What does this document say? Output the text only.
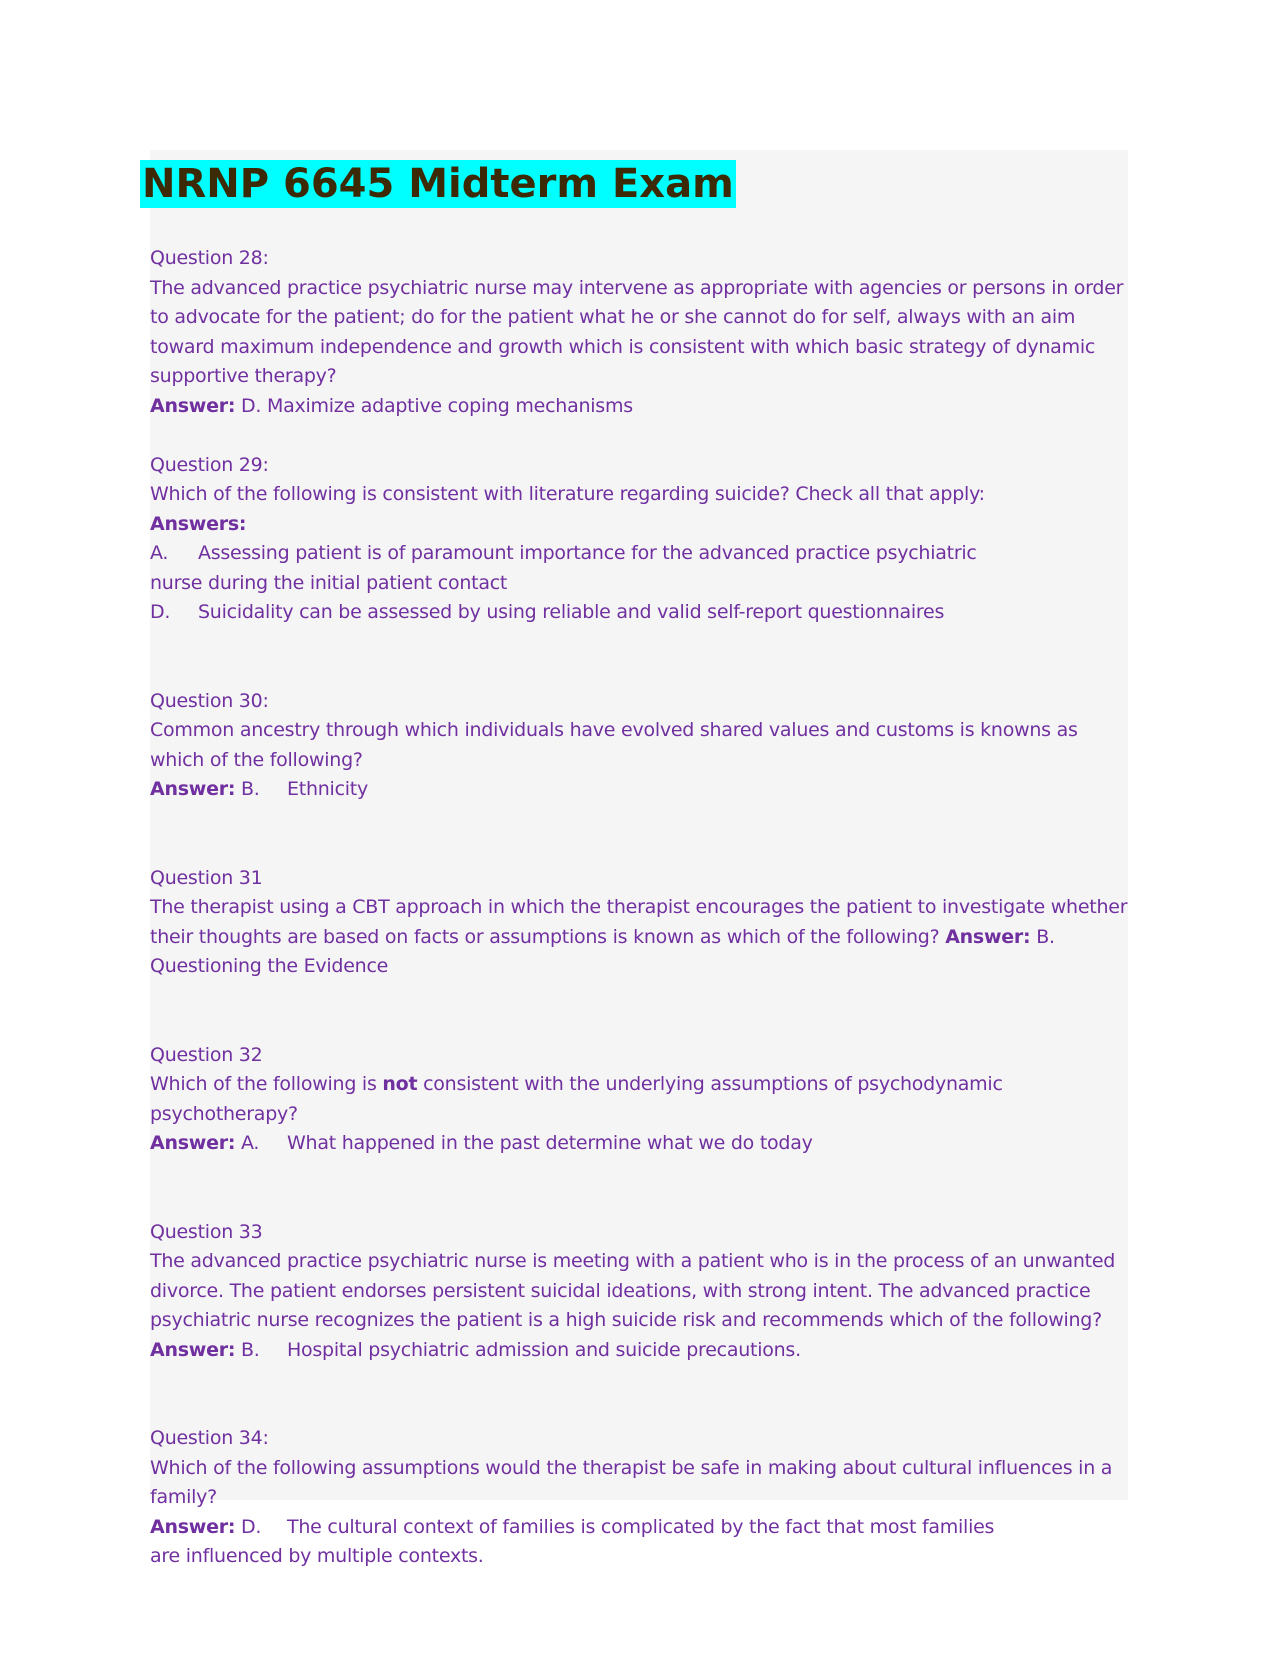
NRNP 6645 Midterm Exam

Question 28:

The advanced practice psychiatric nurse may intervene as appropriate with agencies or persons in order to advocate for the patient; do for the patient what he or she cannot do for self, always with an aim toward maximum independence and growth which is consistent with which basic strategy of dynamic supportive therapy?

Answer: D. Maximize adaptive coping mechanisms

Question 29:

Which of the following is consistent with literature regarding suicide? Check all that apply:

Answers:

A. Assessing patient is of paramount importance for the advanced practice psychiatric

nurse during the initial patient contact

D. Suicidality can be assessed by using reliable and valid self-report questionnaires

Question 30:

Common ancestry through which individuals have evolved shared values and customs is knowns as which of the following?

Answer: B. Ethnicity

Question 31

The therapist using a CBT approach in which the therapist encourages the patient to investigate whether their thoughts are based on facts or assumptions is known as which of the following? Answer: B. Questioning the Evidence

Question 32

Which of the following is not consistent with the underlying assumptions of psychodynamic psychotherapy?

Answer: A. What happened in the past determine what we do today

Question 33

The advanced practice psychiatric nurse is meeting with a patient who is in the process of an unwanted divorce. The patient endorses persistent suicidal ideations, with strong intent. The advanced practice psychiatric nurse recognizes the patient is a high suicide risk and recommends which of the following?

Answer: B. Hospital psychiatric admission and suicide precautions.

Question 34:

Which of the following assumptions would the therapist be safe in making about cultural influences in a family?

Answer: D. The cultural context of families is complicated by the fact that most families

are influenced by multiple contexts.
